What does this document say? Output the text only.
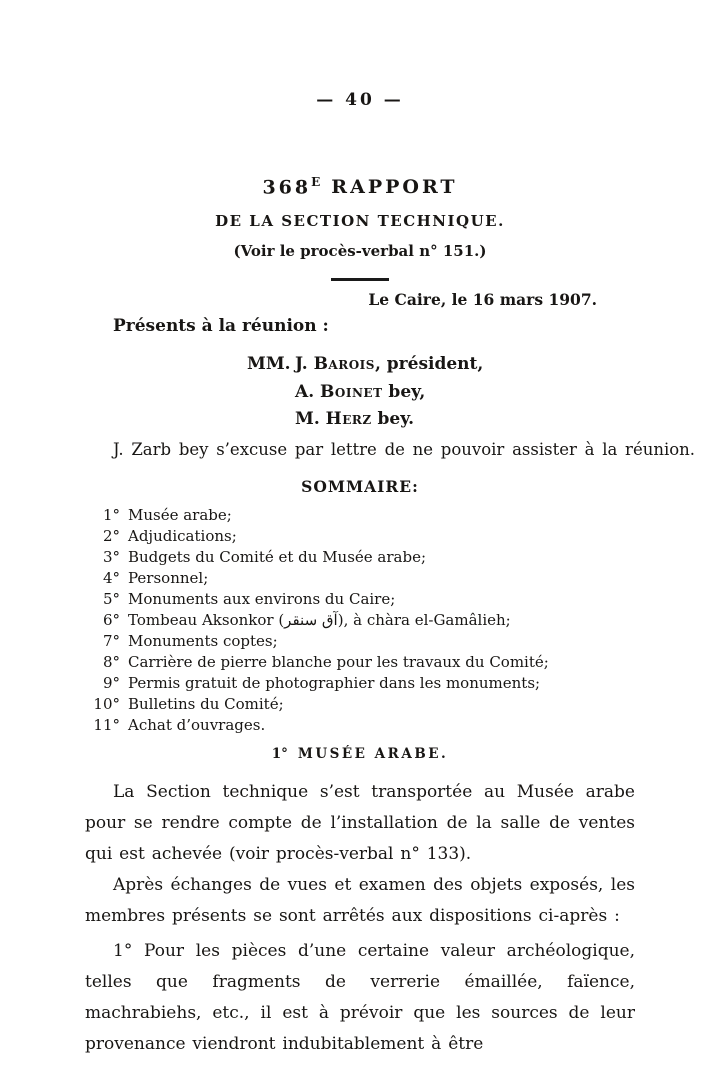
— 40 —
$368^E$ RAPPORT
DE LA SECTION TECHNIQUE.
(Voir le procès-verbal n° 151.)
Le Caire, le 16 mars 1907.
Présents à la réunion :
MM. J. Barois, président,
A. Boinet bey,
M. Herz bey.
J. Zarb bey s’excuse par lettre de ne pouvoir assister à la réunion.
SOMMAIRE:
1° Musée arabe;
2° Adjudications;
3° Budgets du Comité et du Musée arabe;
4° Personnel;
5° Monuments aux environs du Caire;
6° Tombeau Aksonkor (آق سنقر), à chàra el-Gamâlieh;
7° Monuments coptes;
8° Carrière de pierre blanche pour les travaux du Comité;
9° Permis gratuit de photographier dans les monuments;
10° Bulletins du Comité;
11° Achat d’ouvrages.
1° MUSÉE ARABE.

La Section technique s’est transportée au Musée arabe pour se rendre compte de l’installation de la salle de ventes qui est achevée (voir procès-verbal n° 133).

Après échanges de vues et examen des objets exposés, les membres présents se sont arrêtés aux dispositions ci-après :

1° Pour les pièces d’une certaine valeur archéologique, telles que fragments de verrerie émaillée, faïence, machrabiehs, etc., il est à prévoir que les sources de leur provenance viendront indubitablement à être
